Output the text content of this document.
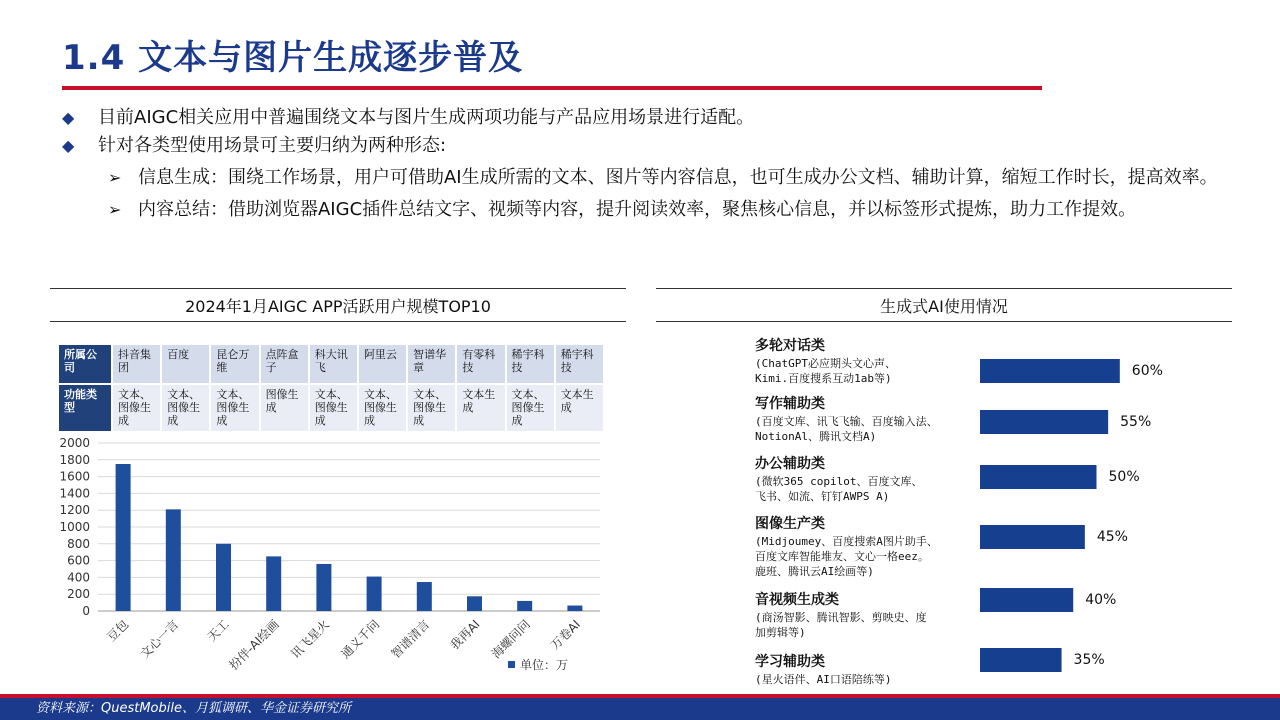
1.4 文本与图片生成逐步普及
◆	目前AIGC相关应用中普遍围绕文本与图片生成两项功能与产品应用场景进行适配。
◆	针对各类型使用场景可主要归纳为两种形态:
➢ 信息生成：围绕工作场景，用户可借助AI生成所需的文本、图片等内容信息，也可生成办公文档、辅助计算，缩短工作时长，提高效率。
➢ 内容总结：借助浏览器AIGC插件总结文字、视频等内容，提升阅读效率，聚焦核心信息，并以标签形式提炼，助力工作提效。
2024年1月AIGC APP活跃用户规模TOP10
所属公司	抖音集团	百度	昆仑万维	点阵盒子	科大讯飞	阿里云	智谱华章	有零科技	稀宇科技	稀宇科技
功能类型	文本、图像生成	文本、图像生成	文本、图像生成	图像生成	文本、图像生成	文本、图像生成	文本、图像生成	文本生成	文本、图像生成	文本生成
0
200
400
600
800
1000
1200
1400
1600
1800
2000
豆包 文心一言 天工
扮伴-AI绘画 讯飞星火 通义千问 智谱清言 我再AI 海螺问问 万卷AI
单位：万
生成式AI使用情况
多轮对话类
(ChatGPT必应期头文心声、
Kimi.百度搜系互动1ab等)	60%
写作辅助类
(百度文库、讯飞飞输、百度输入法、
NotionAl、腾讯文档A)
55%
办公辅助类
(微软365 copilot、百度文库、
飞书、如流、钉钉AWPS A)
50%
图像生产类
(Midjoumey、百度搜索A图片助手、
百度文库智能堆友、文心一格eez。
鹿班、腾讯云AI绘画等)
45%
音视频生成类
(商汤智影、腾讯智影、剪映史、度
加剪辑等)
40%
学习辅助类
(星火语伴、AI口语陪练等)
35%
资料来源：QuestMobile、月狐调研、华金证券研究所
